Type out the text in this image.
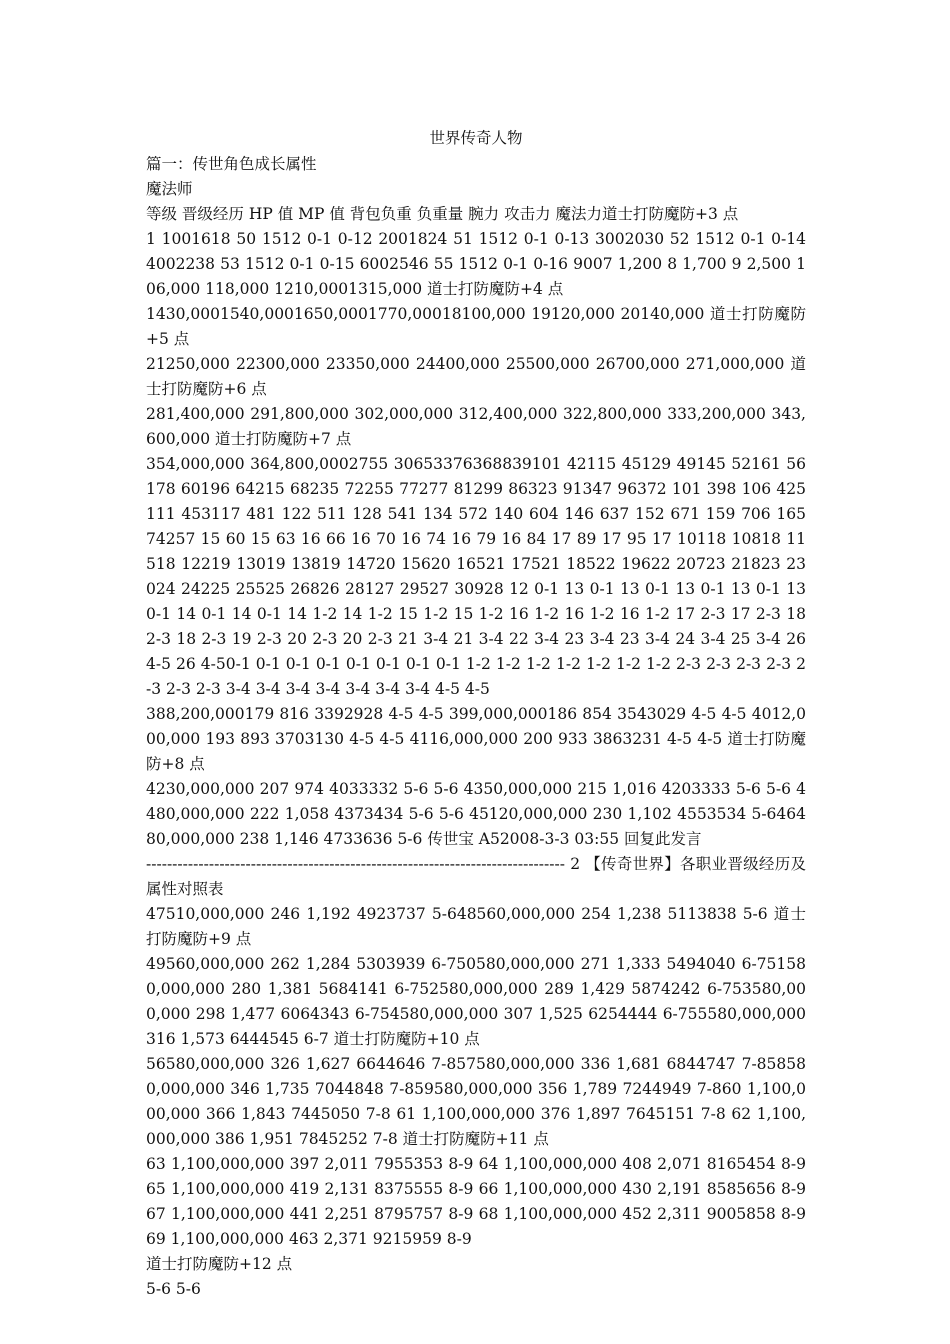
世界传奇人物

篇一：传世角色成长属性

魔法师

等级 晋级经历 HP 值 MP 值 背包负重 负重量 腕力 攻击力 魔法力道士打防魔防+3 点

1 1001618 50 1512 0-1 0-12 2001824 51 1512 0-1 0-13 3002030 52 1512 0-1 0-14 4002238 53 1512 0-1 0-15 6002546 55 1512 0-1 0-16 9007 1,200 8 1,700 9 2,500 106,000 118,000 1210,0001315,000 道士打防魔防+4 点

1430,0001540,0001650,0001770,00018100,000 19120,000 20140,000 道士打防魔防+5 点

21250,000 22300,000 23350,000 24400,000 25500,000 26700,000 271,000,000 道士打防魔防+6 点

281,400,000 291,800,000 302,000,000 312,400,000 322,800,000 333,200,000 343,600,000 道士打防魔防+7 点

354,000,000 364,800,0002755 30653376368839101 42115 45129 49145 52161 56178 60196 64215 68235 72255 77277 81299 86323 91347 96372 101 398 106 425 111 453117 481 122 511 128 541 134 572 140 604 146 637 152 671 159 706 165 74257 15 60 15 63 16 66 16 70 16 74 16 79 16 84 17 89 17 95 17 10118 10818 11518 12219 13019 13819 14720 15620 16521 17521 18522 19622 20723 21823 23024 24225 25525 26826 28127 29527 30928 12 0-1 13 0-1 13 0-1 13 0-1 13 0-1 13 0-1 14 0-1 14 0-1 14 1-2 14 1-2 15 1-2 15 1-2 16 1-2 16 1-2 16 1-2 17 2-3 17 2-3 18 2-3 18 2-3 19 2-3 20 2-3 20 2-3 21 3-4 21 3-4 22 3-4 23 3-4 23 3-4 24 3-4 25 3-4 26 4-5 26 4-50-1 0-1 0-1 0-1 0-1 0-1 0-1 0-1 1-2 1-2 1-2 1-2 1-2 1-2 1-2 2-3 2-3 2-3 2-3 2-3 2-3 2-3 3-4 3-4 3-4 3-4 3-4 3-4 3-4 4-5 4-5

388,200,000179 816 3392928 4-5 4-5 399,000,000186 854 3543029 4-5 4-5 4012,000,000 193 893 3703130 4-5 4-5 4116,000,000 200 933 3863231 4-5 4-5 道士打防魔防+8 点

4230,000,000 207 974 4033332 5-6 5-6 4350,000,000 215 1,016 4203333 5-6 5-6 4480,000,000 222 1,058 4373434 5-6 5-6 45120,000,000 230 1,102 4553534 5-646480,000,000 238 1,146 4733636 5-6 传世宝 A52008-3-3 03:55 回复此发言

-------------------------------------------------------------------------------- 2 【传奇世界】各职业晋级经历及属性对照表

47510,000,000 246 1,192 4923737 5-648560,000,000 254 1,238 5113838 5-6 道士打防魔防+9 点

49560,000,000 262 1,284 5303939 6-750580,000,000 271 1,333 5494040 6-751580,000,000 280 1,381 5684141 6-752580,000,000 289 1,429 5874242 6-753580,000,000 298 1,477 6064343 6-754580,000,000 307 1,525 6254444 6-755580,000,000 316 1,573 6444545 6-7 道士打防魔防+10 点

56580,000,000 326 1,627 6644646 7-857580,000,000 336 1,681 6844747 7-858580,000,000 346 1,735 7044848 7-859580,000,000 356 1,789 7244949 7-860 1,100,000,000 366 1,843 7445050 7-8 61 1,100,000,000 376 1,897 7645151 7-8 62 1,100,000,000 386 1,951 7845252 7-8 道士打防魔防+11 点

63 1,100,000,000 397 2,011 7955353 8-9 64 1,100,000,000 408 2,071 8165454 8-9 65 1,100,000,000 419 2,131 8375555 8-9 66 1,100,000,000 430 2,191 8585656 8-9 67 1,100,000,000 441 2,251 8795757 8-9 68 1,100,000,000 452 2,311 9005858 8-9 69 1,100,000,000 463 2,371 9215959 8-9

道士打防魔防+12 点

5-6 5-6
